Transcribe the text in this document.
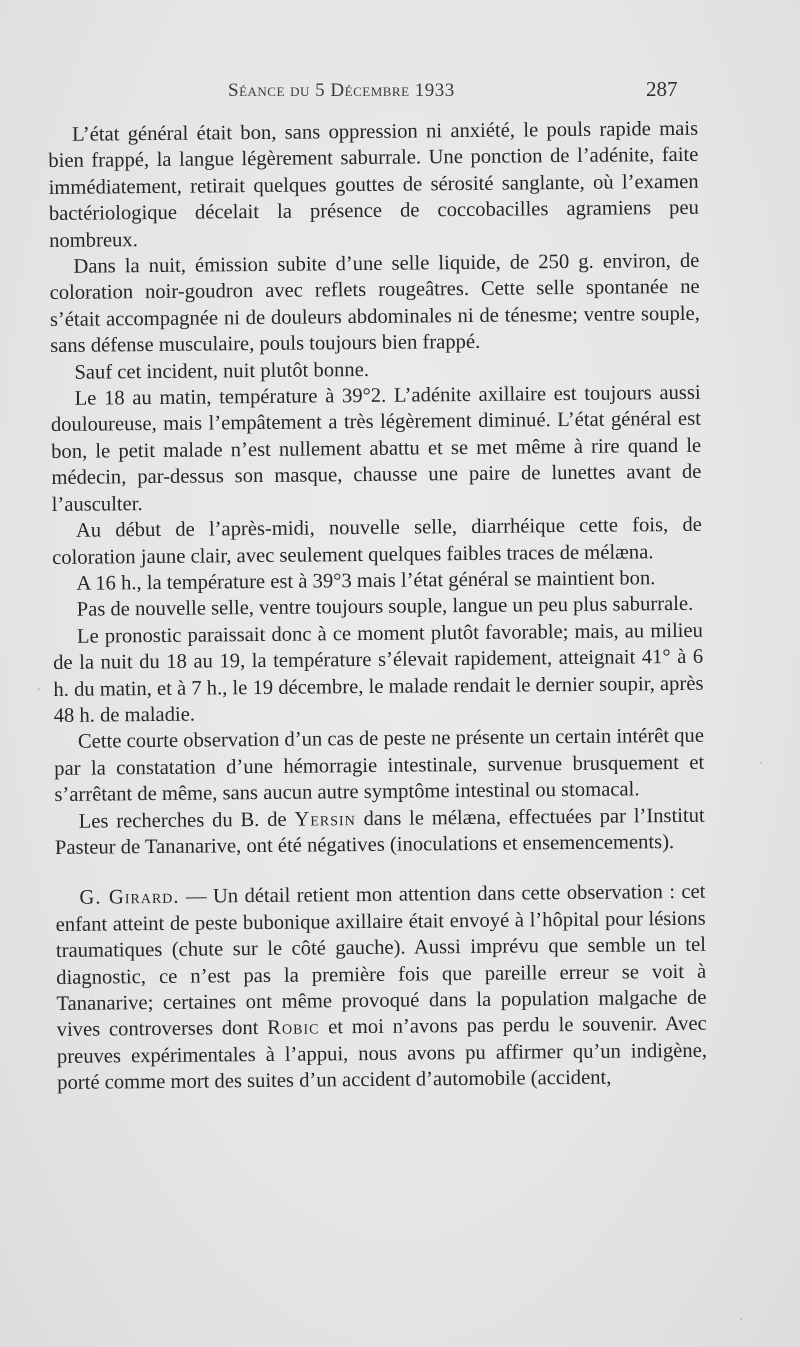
Séance du 5 Décembre 1933	287

L’état général était bon, sans oppression ni anxiété, le pouls rapide mais bien frappé, la langue légèrement saburrale. Une ponction de l’adénite, faite immédiatement, retirait quelques gouttes de sérosité sanglante, où l’examen bactériologique décelait la présence de coccobacilles agramiens peu nombreux.

Dans la nuit, émission subite d’une selle liquide, de 250 g. environ, de coloration noir-goudron avec reflets rougeâtres. Cette selle spontanée ne s’était accompagnée ni de douleurs abdominales ni de ténesme; ventre souple, sans défense musculaire, pouls toujours bien frappé.

Sauf cet incident, nuit plutôt bonne.

Le 18 au matin, température à 39°2. L’adénite axillaire est toujours aussi douloureuse, mais l’empâtement a très légèrement diminué. L’état général est bon, le petit malade n’est nullement abattu et se met même à rire quand le médecin, par-dessus son masque, chausse une paire de lunettes avant de l’ausculter.

Au début de l’après-midi, nouvelle selle, diarrhéique cette fois, de coloration jaune clair, avec seulement quelques faibles traces de mélæna.

A 16 h., la température est à 39°3 mais l’état général se maintient bon.

Pas de nouvelle selle, ventre toujours souple, langue un peu plus saburrale.

Le pronostic paraissait donc à ce moment plutôt favorable; mais, au milieu de la nuit du 18 au 19, la température s’élevait rapidement, atteignait 41° à 6 h. du matin, et à 7 h., le 19 décembre, le malade rendait le dernier soupir, après 48 h. de maladie.

Cette courte observation d’un cas de peste ne présente un certain intérêt que par la constatation d’une hémorragie intestinale, survenue brusquement et s’arrêtant de même, sans aucun autre symptôme intestinal ou stomacal.

Les recherches du B. de Yersin dans le mélæna, effectuées par l’Institut Pasteur de Tananarive, ont été négatives (inoculations et ensemencements).

G. Girard. — Un détail retient mon attention dans cette observation : cet enfant atteint de peste bubonique axillaire était envoyé à l’hôpital pour lésions traumatiques (chute sur le côté gauche). Aussi imprévu que semble un tel diagnostic, ce n’est pas la première fois que pareille erreur se voit à Tananarive; certaines ont même provoqué dans la population malgache de vives controverses dont Robic et moi n’avons pas perdu le souvenir. Avec preuves expérimentales à l’appui, nous avons pu affirmer qu’un indigène, porté comme mort des suites d’un accident d’automobile (accident,
